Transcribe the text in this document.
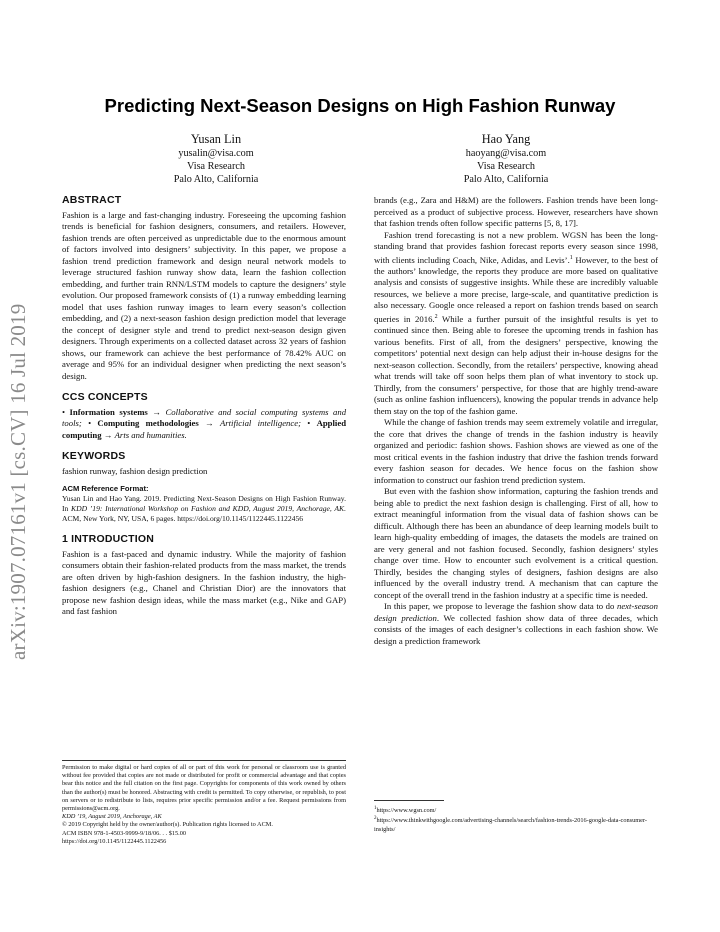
arXiv:1907.07161v1 [cs.CV] 16 Jul 2019
Predicting Next-Season Designs on High Fashion Runway
Yusan Lin
yusalin@visa.com
Visa Research
Palo Alto, California
Hao Yang
haoyang@visa.com
Visa Research
Palo Alto, California
ABSTRACT

Fashion is a large and fast-changing industry. Foreseeing the upcoming fashion trends is beneficial for fashion designers, consumers, and retailers. However, fashion trends are often perceived as unpredictable due to the enormous amount of factors involved into designers’ subjectivity. In this paper, we propose a fashion trend prediction framework and design neural network models to leverage structured fashion runway show data, learn the fashion collection embedding, and further train RNN/LSTM models to capture the designers’ style evolution. Our proposed framework consists of (1) a runway embedding learning model that uses fashion runway images to learn every season’s collection embedding, and (2) a next-season fashion design prediction model that leverage the concept of designer style and trend to predict next-season design given designers. Through experiments on a collected dataset across 32 years of fashion shows, our framework can achieve the best performance of 78.42% AUC on average and 95% for an individual designer when predicting the next season’s design.

CCS CONCEPTS

• Information systems → Collaborative and social computing systems and tools; • Computing methodologies → Artificial intelligence; • Applied computing → Arts and humanities.

KEYWORDS

fashion runway, fashion design prediction

ACM Reference Format:

Yusan Lin and Hao Yang. 2019. Predicting Next-Season Designs on High Fashion Runway. In KDD ’19: International Workshop on Fashion and KDD, August 2019, Anchorage, AK. ACM, New York, NY, USA, 6 pages. https://doi.org/10.1145/1122445.1122456

1 INTRODUCTION

Fashion is a fast-paced and dynamic industry. While the majority of fashion consumers obtain their fashion-related products from the mass market, the trends are often driven by high-fashion designers. In the fashion industry, the high-fashion designers (e.g., Chanel and Christian Dior) are the innovators that propose new fashion design ideas, while the mass market (e.g., Nike and GAP) and fast fashion

Permission to make digital or hard copies of all or part of this work for personal or classroom use is granted without fee provided that copies are not made or distributed for profit or commercial advantage and that copies bear this notice and the full citation on the first page. Copyrights for components of this work owned by others than the author(s) must be honored. Abstracting with credit is permitted. To copy otherwise, or republish, to post on servers or to redistribute to lists, requires prior specific permission and/or a fee. Request permissions from permissions@acm.org.

KDD ’19, August 2019, Anchorage, AK

© 2019 Copyright held by the owner/author(s). Publication rights licensed to ACM.

ACM ISBN 978-1-4503-9999-9/18/06. . . $15.00

https://doi.org/10.1145/1122445.1122456

brands (e.g., Zara and H&M) are the followers. Fashion trends have been long-perceived as a product of subjective process. However, researchers have shown that fashion trends often follow specific patterns [5, 8, 17].

Fashion trend forecasting is not a new problem. WGSN has been the long-standing brand that provides fashion forecast reports every season since 1998, with clients including Coach, Nike, Adidas, and Levis’.$^1$ However, to the best of the authors’ knowledge, the reports they produce are more based on qualitative analysis and consists of suggestive insights. While these are incredibly valuable resources, we believe a more precise, large-scale, and quantitative prediction is also necessary. Google once released a report on fashion trends based on search queries in 2016.$^2$ While a further pursuit of the insightful results is yet to continued since then. Being able to foresee the upcoming trends in fashion has various benefits. First of all, from the designers’ perspective, knowing the competitors’ potential next design can help adjust their in-house designs for the next-season collection. Secondly, from the retailers’ perspective, knowing ahead what trends will take off soon helps them plan of what inventory to stock up. Thirdly, from the consumers’ perspective, for those that are highly trend-aware (such as online fashion influencers), knowing the popular trends in advance help them stay on the top of the fashion game.

While the change of fashion trends may seem extremely volatile and irregular, the core that drives the change of trends in the fashion industry is heavily organized and periodic: fashion shows. Fashion shows are viewed as one of the most critical events in the fashion industry that drive the fashion trends forward every fashion season for decades. We hence focus on the fashion show information to construct our fashion trend prediction system.

But even with the fashion show information, capturing the fashion trends and being able to predict the next fashion design is challenging. First of all, how to extract meaningful information from the visual data of fashion shows can be difficult. Although there has been an abundance of deep learning models built to learn high-quality embedding of images, the datasets the models are trained on are very general and not fashion focused. Secondly, fashion designers’ styles change over time. How to encounter such evolvement is a critical question. Thirdly, besides the changing styles of designers, fashion designs are also influenced by the overall industry trend. A mechanism that can capture the concept of the overall trend in the fashion industry at a specific time is needed.

In this paper, we propose to leverage the fashion show data to do next-season design prediction. We collected fashion show data of three decades, which consists of the images of each designer’s collections in each fashion show. We design a prediction framework

$^1$https://www.wgsn.com/

$^2$https://www.thinkwithgoogle.com/advertising-channels/search/fashion-trends-2016-google-data-consumer-insights/
